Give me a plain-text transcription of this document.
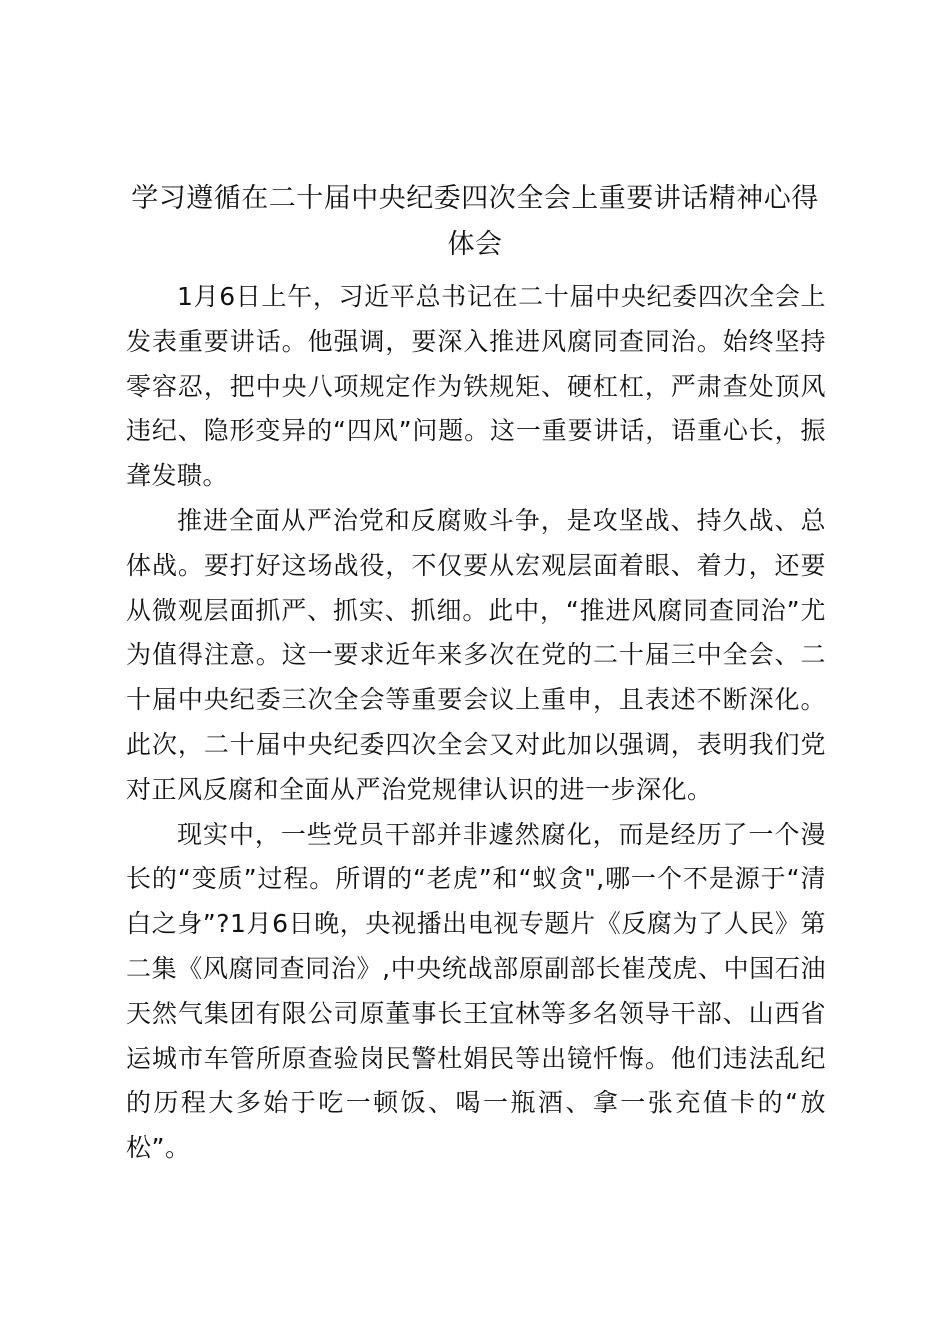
学习遵循在二十届中央纪委四次全会上重要讲话精神心得体会

1月6日上午，习近平总书记在二十届中央纪委四次全会上发表重要讲话。他强调，要深入推进风腐同查同治。始终坚持零容忍，把中央八项规定作为铁规矩、硬杠杠，严肃查处顶风违纪、隐形变异的“四风”问题。这一重要讲话，语重心长，振聋发聩。

推进全面从严治党和反腐败斗争，是攻坚战、持久战、总体战。要打好这场战役，不仅要从宏观层面着眼、着力，还要从微观层面抓严、抓实、抓细。此中，“推进风腐同查同治”尤为值得注意。这一要求近年来多次在党的二十届三中全会、二十届中央纪委三次全会等重要会议上重申，且表述不断深化。此次，二十届中央纪委四次全会又对此加以强调，表明我们党对正风反腐和全面从严治党规律认识的进一步深化。

现实中，一些党员干部并非遽然腐化，而是经历了一个漫长的“变质”过程。所谓的“老虎”和“蚁贪",哪一个不是源于“清白之身”?1月6日晚，央视播出电视专题片《反腐为了人民》第二集《风腐同查同治》,中央统战部原副部长崔茂虎、中国石油天然气集团有限公司原董事长王宜林等多名领导干部、山西省运城市车管所原查验岗民警杜娟民等出镜忏悔。他们违法乱纪的历程大多始于吃一顿饭、喝一瓶酒、拿一张充值卡的“放松”。
